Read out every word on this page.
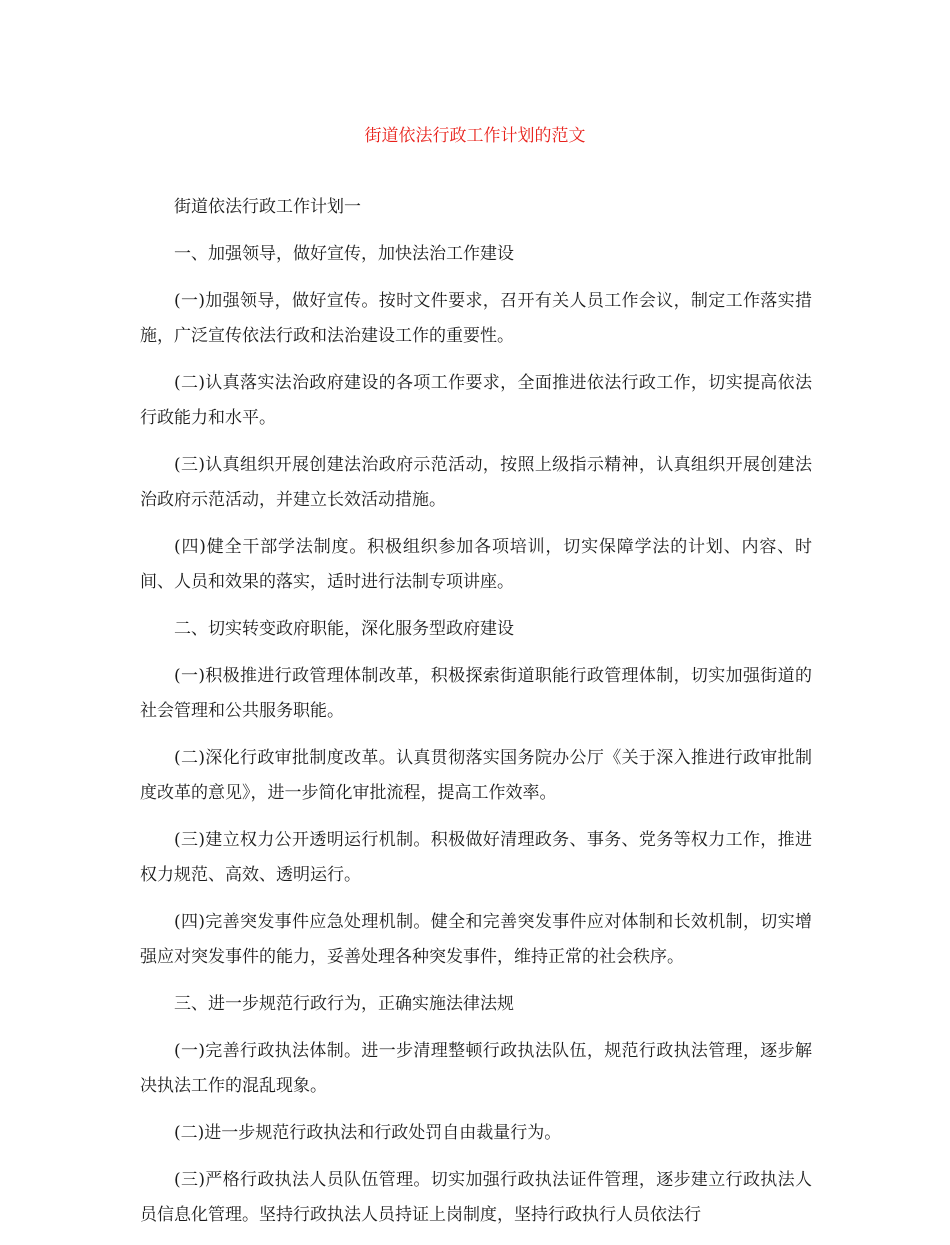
街道依法行政工作计划的范文

街道依法行政工作计划一

一、加强领导，做好宣传，加快法治工作建设

(一)加强领导，做好宣传。按时文件要求，召开有关人员工作会议，制定工作落实措施，广泛宣传依法行政和法治建设工作的重要性。

(二)认真落实法治政府建设的各项工作要求，全面推进依法行政工作，切实提高依法行政能力和水平。

(三)认真组织开展创建法治政府示范活动，按照上级指示精神，认真组织开展创建法治政府示范活动，并建立长效活动措施。

(四)健全干部学法制度。积极组织参加各项培训，切实保障学法的计划、内容、时间、人员和效果的落实，适时进行法制专项讲座。

二、切实转变政府职能，深化服务型政府建设

(一)积极推进行政管理体制改革，积极探索街道职能行政管理体制，切实加强街道的社会管理和公共服务职能。

(二)深化行政审批制度改革。认真贯彻落实国务院办公厅《关于深入推进行政审批制度改革的意见》，进一步简化审批流程，提高工作效率。

(三)建立权力公开透明运行机制。积极做好清理政务、事务、党务等权力工作，推进权力规范、高效、透明运行。

(四)完善突发事件应急处理机制。健全和完善突发事件应对体制和长效机制，切实增强应对突发事件的能力，妥善处理各种突发事件，维持正常的社会秩序。

三、进一步规范行政行为，正确实施法律法规

(一)完善行政执法体制。进一步清理整顿行政执法队伍，规范行政执法管理，逐步解决执法工作的混乱现象。

(二)进一步规范行政执法和行政处罚自由裁量行为。

(三)严格行政执法人员队伍管理。切实加强行政执法证件管理，逐步建立行政执法人员信息化管理。坚持行政执法人员持证上岗制度，坚持行政执行人员依法行
